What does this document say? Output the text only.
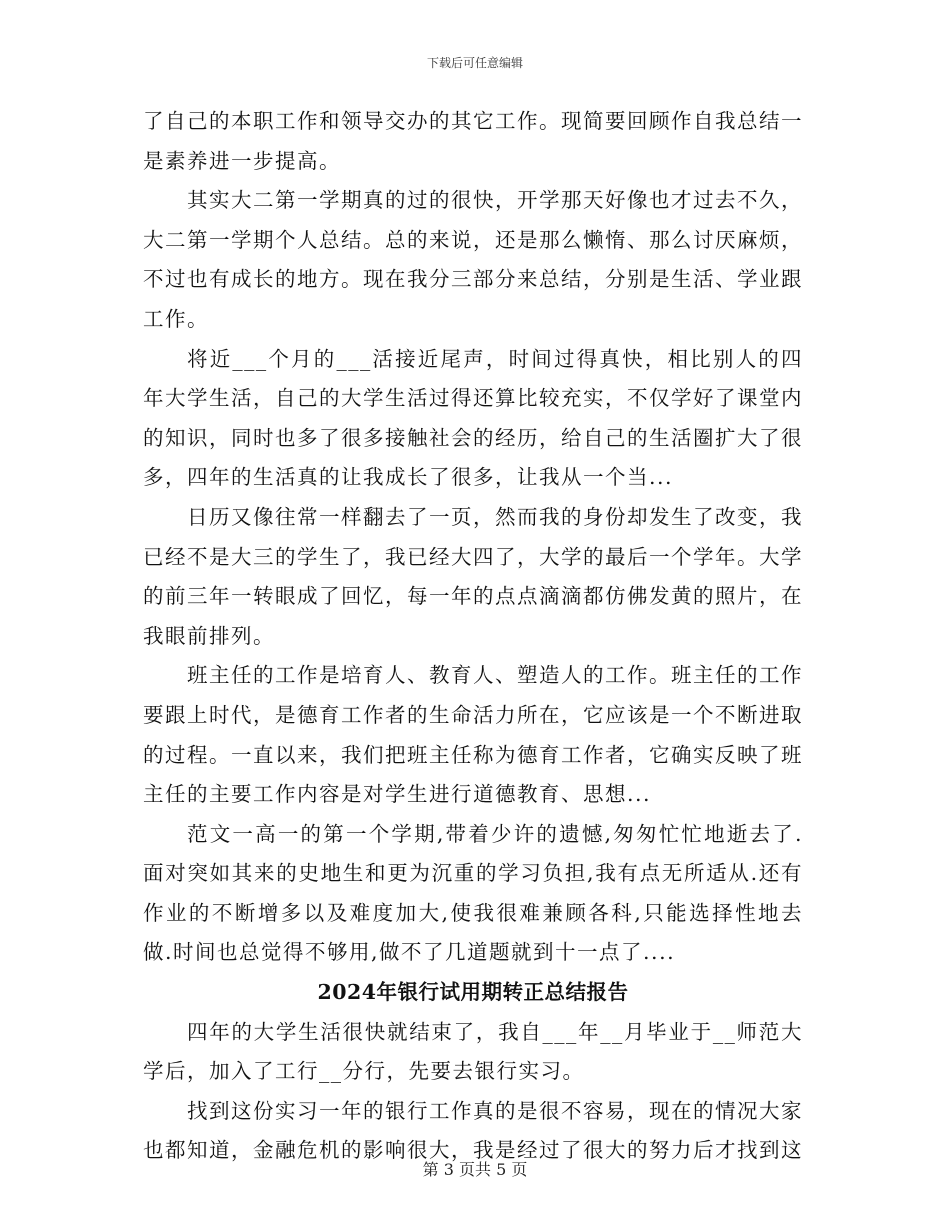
下载后可任意编辑

了自己的本职工作和领导交办的其它工作。现简要回顾作自我总结一是素养进一步提高。

其实大二第一学期真的过的很快，开学那天好像也才过去不久，大二第一学期个人总结。总的来说，还是那么懒惰、那么讨厌麻烦，不过也有成长的地方。现在我分三部分来总结，分别是生活、学业跟工作。

将近___个月的___活接近尾声，时间过得真快，相比别人的四年大学生活，自己的大学生活过得还算比较充实，不仅学好了课堂内的知识，同时也多了很多接触社会的经历，给自己的生活圈扩大了很多，四年的生活真的让我成长了很多，让我从一个当...

日历又像往常一样翻去了一页，然而我的身份却发生了改变，我已经不是大三的学生了，我已经大四了，大学的最后一个学年。大学的前三年一转眼成了回忆，每一年的点点滴滴都仿佛发黄的照片，在我眼前排列。

班主任的工作是培育人、教育人、塑造人的工作。班主任的工作要跟上时代，是德育工作者的生命活力所在，它应该是一个不断进取的过程。一直以来，我们把班主任称为德育工作者，它确实反映了班主任的主要工作内容是对学生进行道德教育、思想...

范文一高一的第一个学期,带着少许的遗憾,匆匆忙忙地逝去了.面对突如其来的史地生和更为沉重的学习负担,我有点无所适从.还有作业的不断增多以及难度加大,使我很难兼顾各科,只能选择性地去做.时间也总觉得不够用,做不了几道题就到十一点了....

2024年银行试用期转正总结报告

四年的大学生活很快就结束了，我自___年__月毕业于__师范大学后，加入了工行__分行，先要去银行实习。

找到这份实习一年的银行工作真的是很不容易，现在的情况大家也都知道，金融危机的影响很大，我是经过了很大的努力后才找到这

第 3 页共 5 页
